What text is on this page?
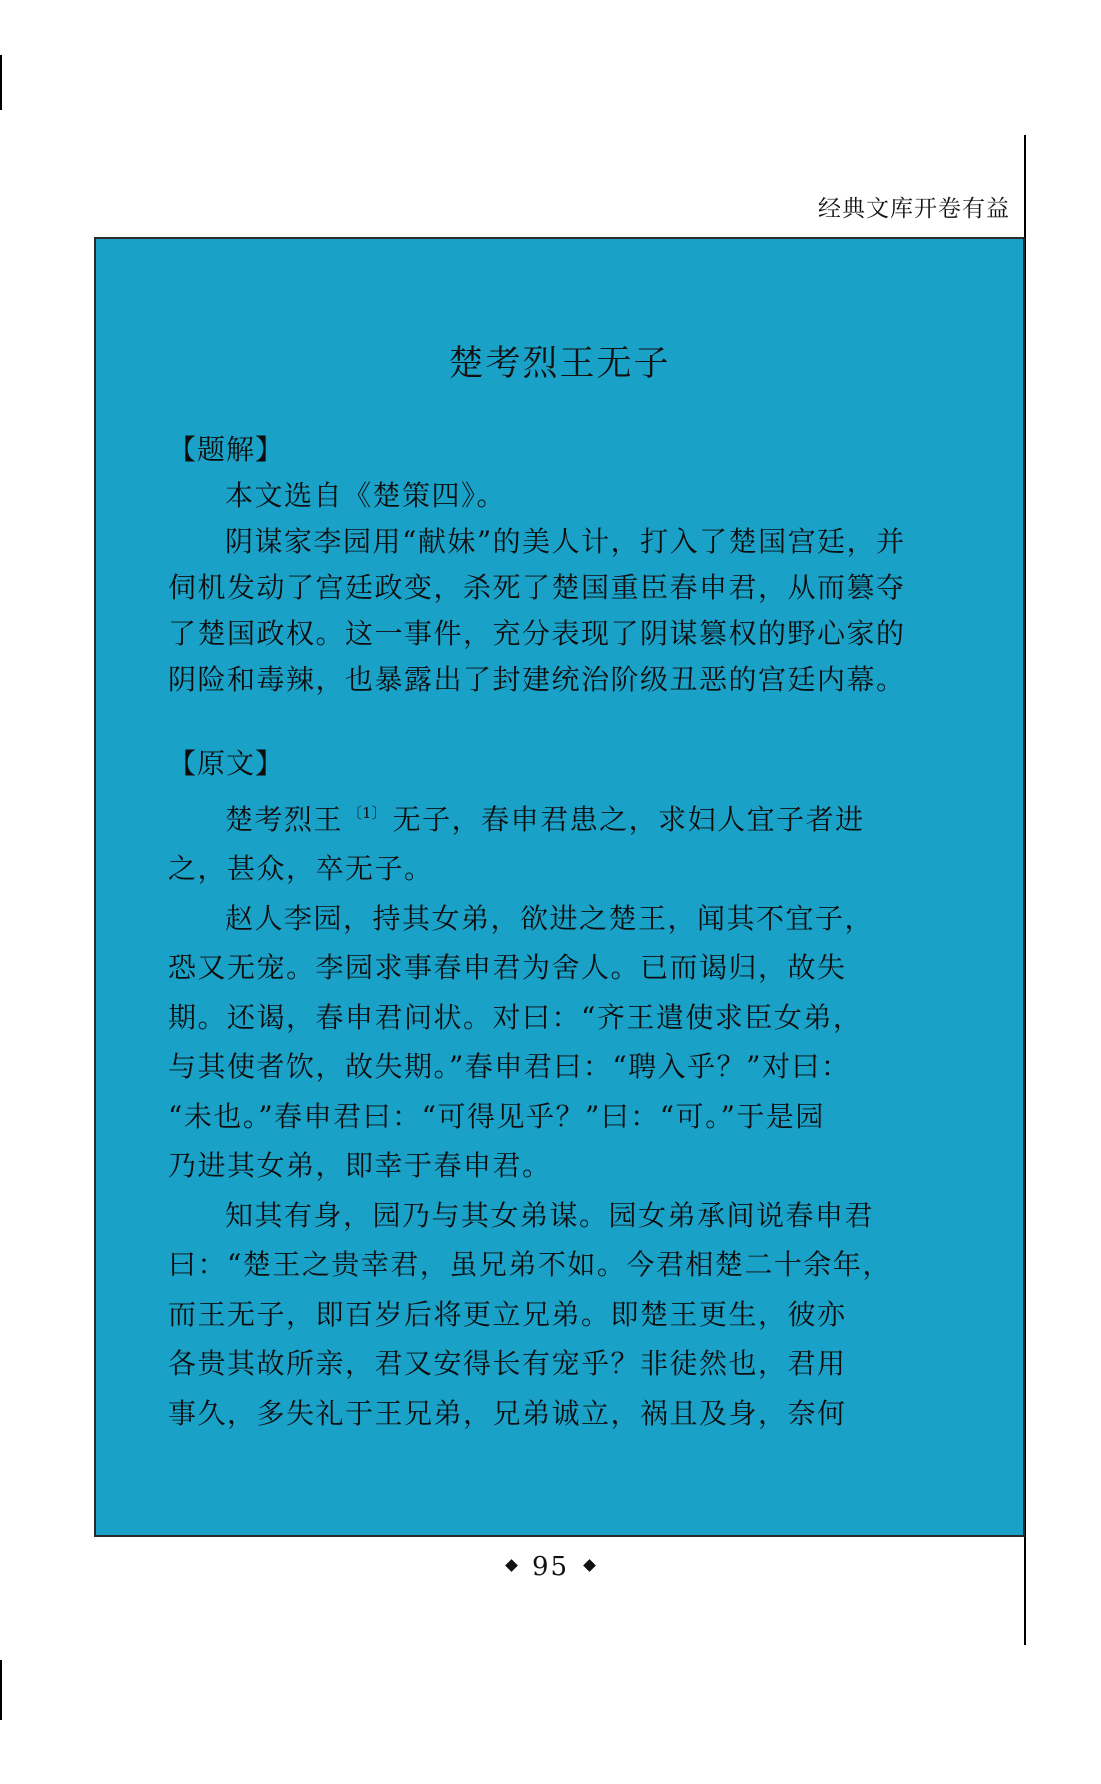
经典文库开卷有益
楚考烈王无子
【题解】
本文选自《楚策四》。
阴谋家李园用“献妹”的美人计，打入了楚国宫廷，并
伺机发动了宫廷政变，杀死了楚国重臣春申君，从而篡夺
了楚国政权。这一事件，充分表现了阴谋篡权的野心家的
阴险和毒辣，也暴露出了封建统治阶级丑恶的宫廷内幕。
【原文】
楚考烈王 $^{〔1〕}$ 无子，春申君患之，求妇人宜子者进
之，甚众，卒无子。
赵人李园，持其女弟，欲进之楚王，闻其不宜子，
恐又无宠。李园求事春申君为舍人。已而谒归，故失
期。还谒，春申君问状。对曰：“齐王遣使求臣女弟，
与其使者饮，故失期。”春申君曰：“聘入乎？”对曰：
“未也。”春申君曰：“可得见乎？”曰：“可。”于是园
乃进其女弟，即幸于春申君。
知其有身，园乃与其女弟谋。园女弟承间说春申君
曰：“楚王之贵幸君，虽兄弟不如。今君相楚二十余年，
而王无子，即百岁后将更立兄弟。即楚王更生，彼亦
各贵其故所亲，君又安得长有宠乎？非徒然也，君用
事久，多失礼于王兄弟，兄弟诚立，祸且及身，奈何
95
